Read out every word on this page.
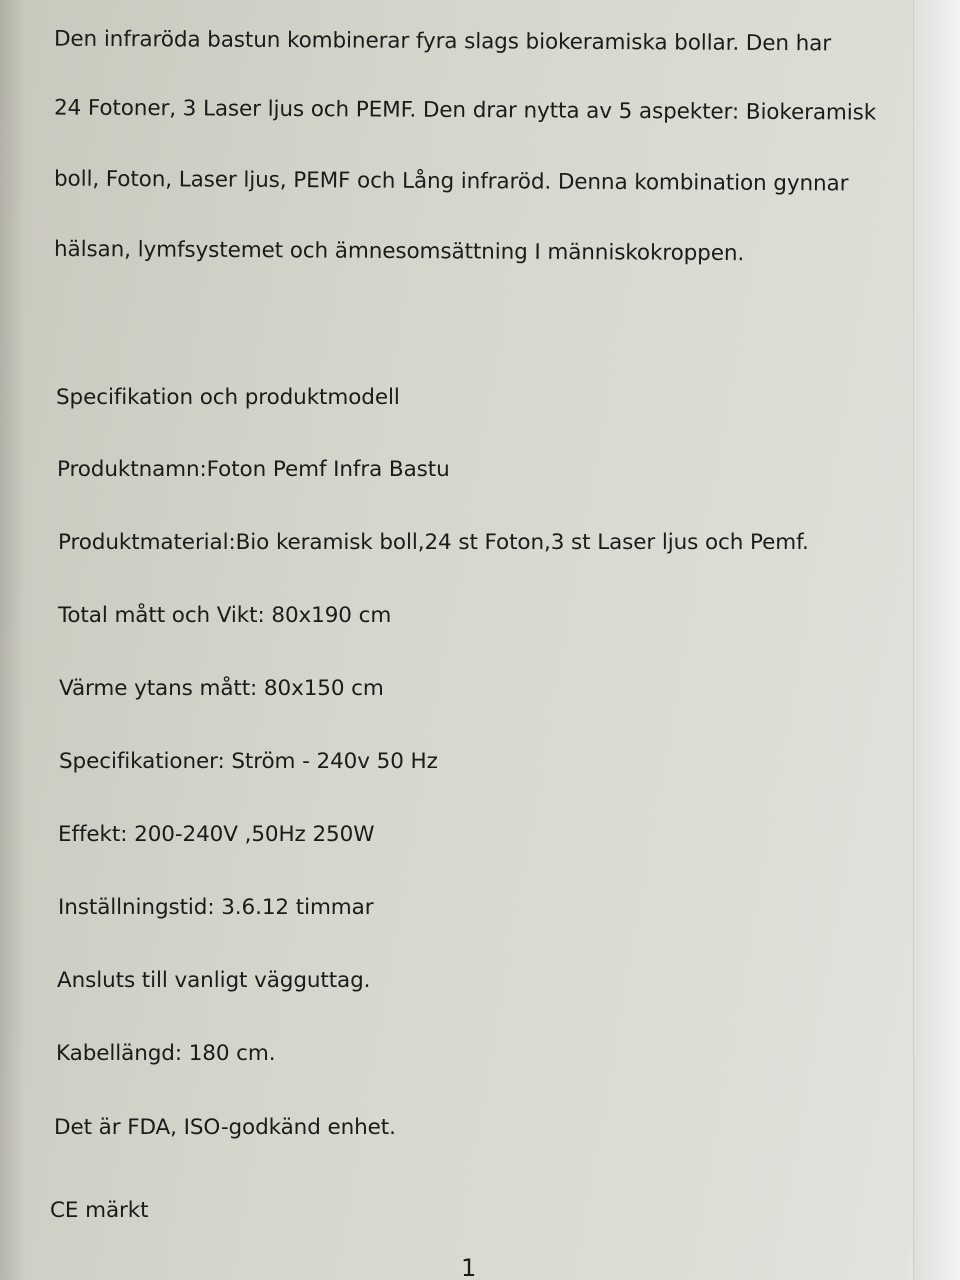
Den infraröda bastun kombinerar fyra slags biokeramiska bollar. Den har
24 Fotoner, 3 Laser ljus och PEMF. Den drar nytta av 5 aspekter: Biokeramisk
boll, Foton, Laser ljus, PEMF och Lång infraröd. Denna kombination gynnar
hälsan, lymfsystemet och ämnesomsättning I människokroppen.
Specifikation och produktmodell
Produktnamn:Foton Pemf Infra Bastu
Produktmaterial:Bio keramisk boll,24 st Foton,3 st Laser ljus och Pemf.
Total mått och Vikt: 80x190 cm
Värme ytans mått: 80x150 cm
Specifikationer: Ström - 240v 50 Hz
Effekt: 200-240V ,50Hz 250W
Inställningstid: 3.6.12 timmar
Ansluts till vanligt vägguttag.
Kabellängd: 180 cm.
Det är FDA, ISO-godkänd enhet.
CE märkt
1
